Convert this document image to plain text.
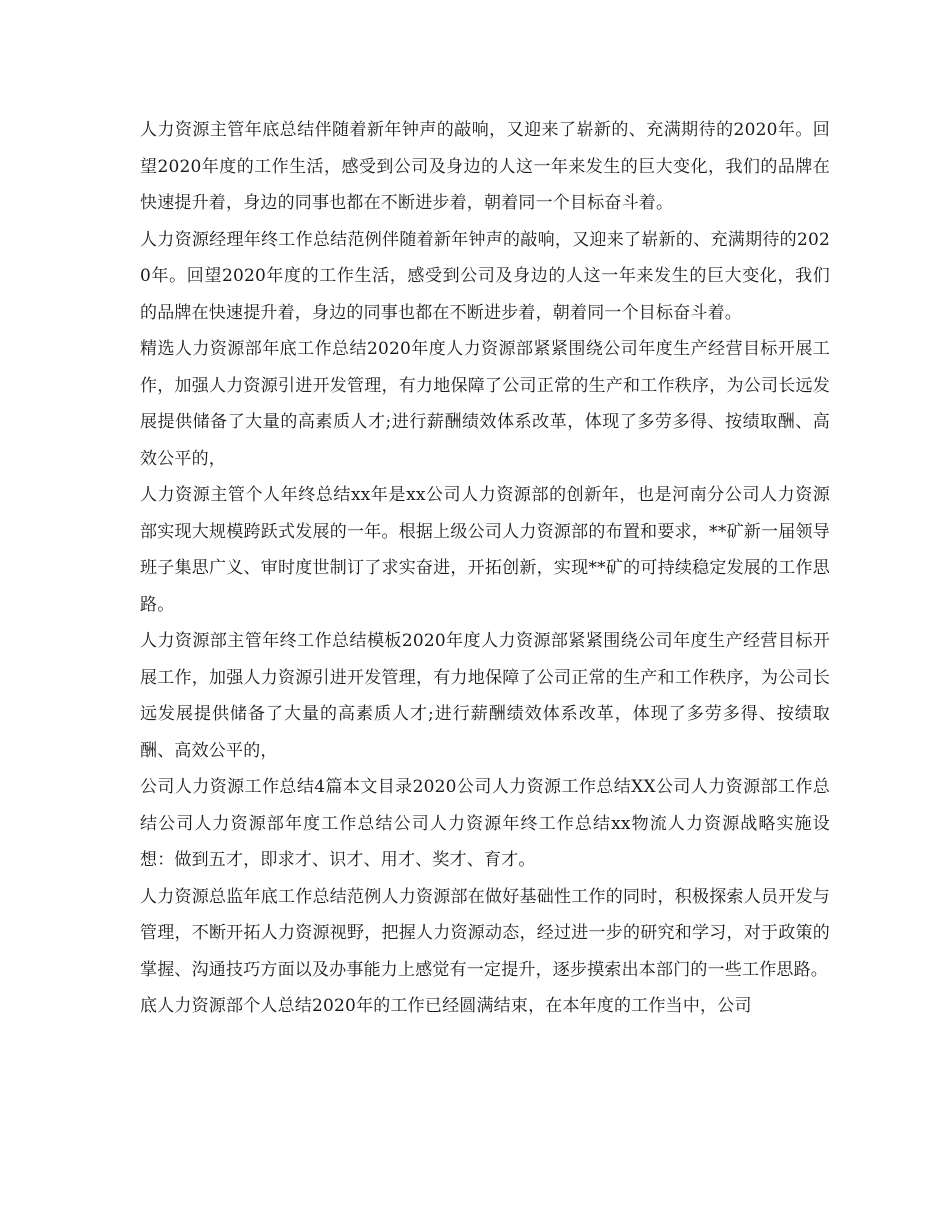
人力资源主管年底总结伴随着新年钟声的敲响，又迎来了崭新的、充满期待的2020年。回望2020年度的工作生活，感受到公司及身边的人这一年来发生的巨大变化，我们的品牌在快速提升着，身边的同事也都在不断进步着，朝着同一个目标奋斗着。

人力资源经理年终工作总结范例伴随着新年钟声的敲响，又迎来了崭新的、充满期待的2020年。回望2020年度的工作生活，感受到公司及身边的人这一年来发生的巨大变化，我们的品牌在快速提升着，身边的同事也都在不断进步着，朝着同一个目标奋斗着。

精选人力资源部年底工作总结2020年度人力资源部紧紧围绕公司年度生产经营目标开展工作，加强人力资源引进开发管理，有力地保障了公司正常的生产和工作秩序，为公司长远发展提供储备了大量的高素质人才;进行薪酬绩效体系改革，体现了多劳多得、按绩取酬、高效公平的，

人力资源主管个人年终总结xx年是xx公司人力资源部的创新年，也是河南分公司人力资源部实现大规模跨跃式发展的一年。根据上级公司人力资源部的布置和要求，**矿新一届领导班子集思广义、审时度世制订了求实奋进，开拓创新，实现**矿的可持续稳定发展的工作思路。

人力资源部主管年终工作总结模板2020年度人力资源部紧紧围绕公司年度生产经营目标开展工作，加强人力资源引进开发管理，有力地保障了公司正常的生产和工作秩序，为公司长远发展提供储备了大量的高素质人才;进行薪酬绩效体系改革，体现了多劳多得、按绩取酬、高效公平的，

公司人力资源工作总结4篇本文目录2020公司人力资源工作总结XX公司人力资源部工作总结公司人力资源部年度工作总结公司人力资源年终工作总结xx物流人力资源战略实施设想：做到五才，即求才、识才、用才、奖才、育才。

人力资源总监年底工作总结范例人力资源部在做好基础性工作的同时，积极探索人员开发与管理，不断开拓人力资源视野，把握人力资源动态，经过进一步的研究和学习，对于政策的掌握、沟通技巧方面以及办事能力上感觉有一定提升，逐步摸索出本部门的一些工作思路。

底人力资源部个人总结2020年的工作已经圆满结束，在本年度的工作当中，公司
